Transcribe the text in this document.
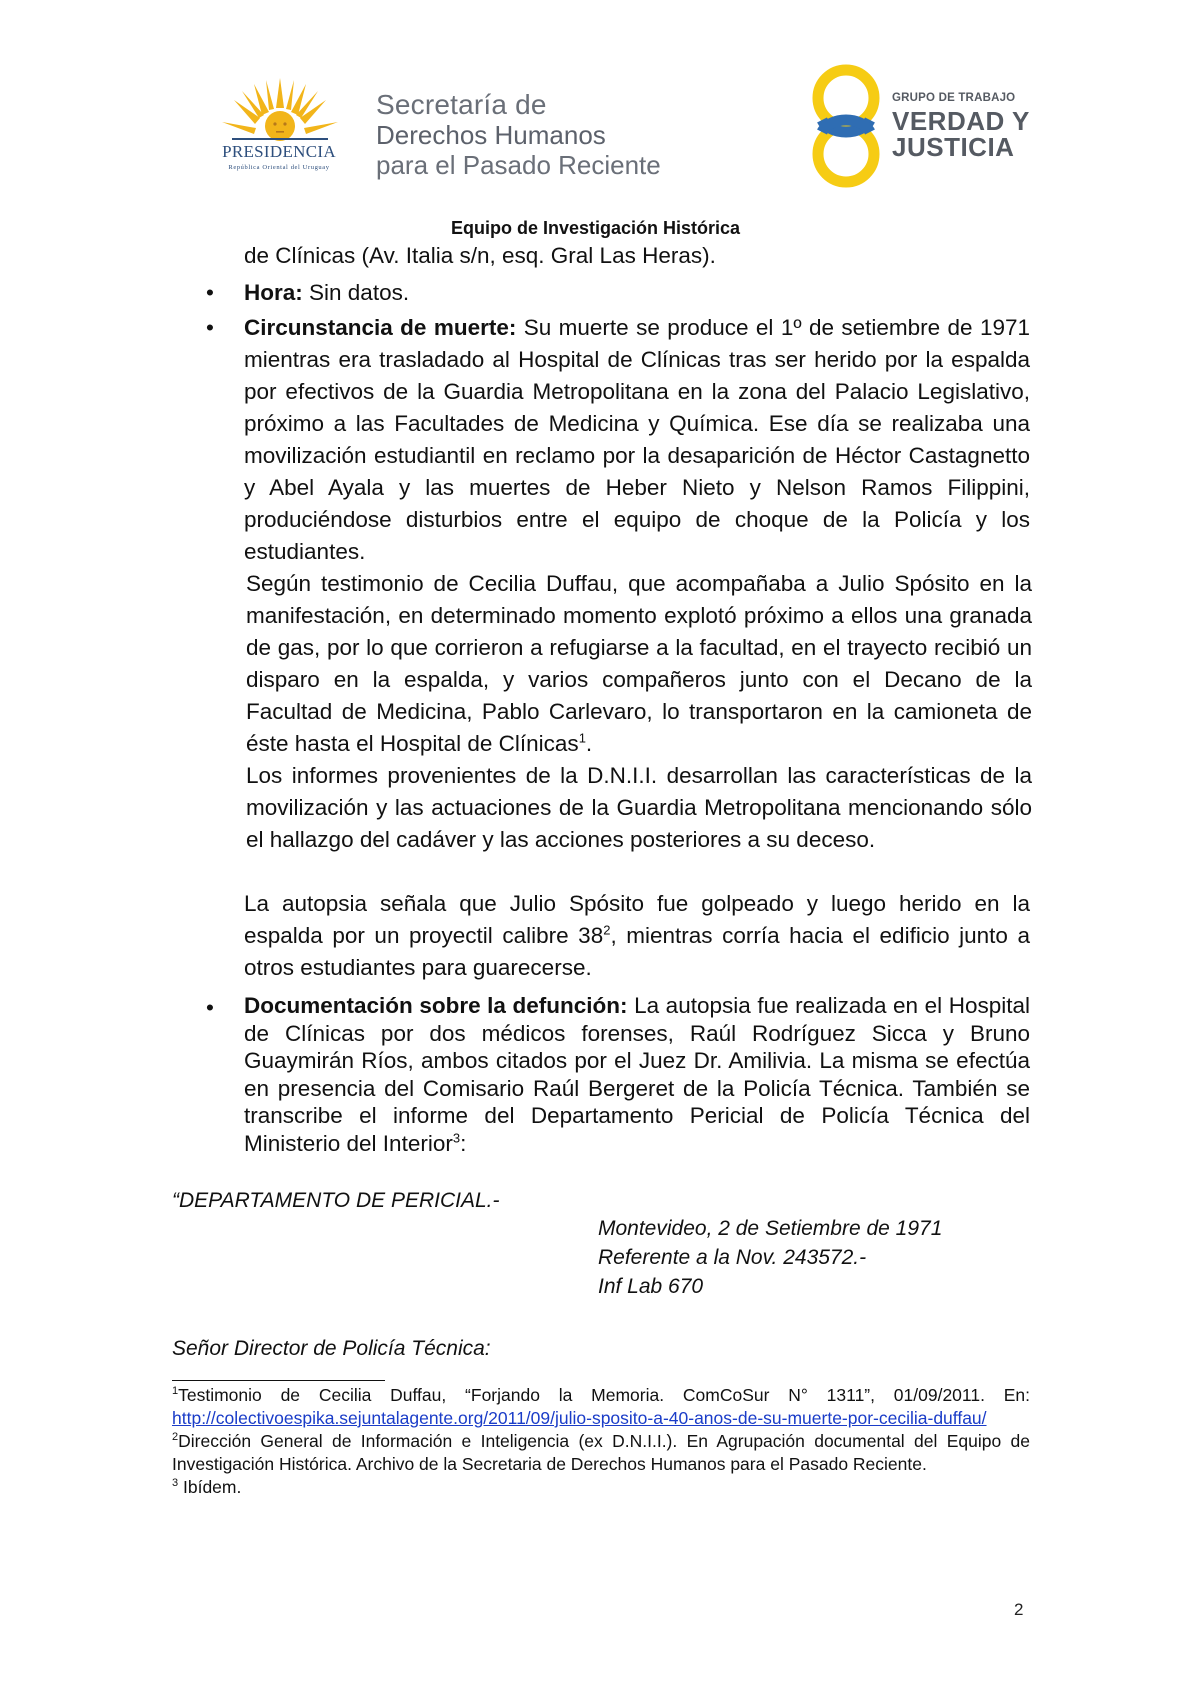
PRESIDENCIA
República Oriental del Uruguay
Secretaría de
Derechos Humanos
para el Pasado Reciente
GRUPO DE TRABAJO
VERDAD Y
JUSTICIA
Equipo de Investigación Histórica
de Clínicas (Av. Italia s/n, esq. Gral Las Heras).
• Hora: Sin datos.
• Circunstancia de muerte: Su muerte se produce el 1º de setiembre de 1971 mientras era trasladado al Hospital de Clínicas tras ser herido por la espalda por efectivos de la Guardia Metropolitana en la zona del Palacio Legislativo, próximo a las Facultades de Medicina y Química. Ese día se realizaba una movilización estudiantil en reclamo por la desaparición de Héctor Castagnetto y Abel Ayala y las muertes de Heber Nieto y Nelson Ramos Filippini, produciéndose disturbios entre el equipo de choque de la Policía y los estudiantes.
Según testimonio de Cecilia Duffau, que acompañaba a Julio Spósito en la manifestación, en determinado momento explotó próximo a ellos una granada de gas, por lo que corrieron a refugiarse a la facultad, en el trayecto recibió un disparo en la espalda, y varios compañeros junto con el Decano de la Facultad de Medicina, Pablo Carlevaro, lo transportaron en la camioneta de éste hasta el Hospital de Clínicas$^1$.
Los informes provenientes de la D.N.I.I. desarrollan las características de la movilización y las actuaciones de la Guardia Metropolitana mencionando sólo el hallazgo del cadáver y las acciones posteriores a su deceso.
La autopsia señala que Julio Spósito fue golpeado y luego herido en la espalda por un proyectil calibre $38^2$, mientras corría hacia el edificio junto a otros estudiantes para guarecerse.
• Documentación sobre la defunción: La autopsia fue realizada en el Hospital de Clínicas por dos médicos forenses, Raúl Rodríguez Sicca y Bruno Guaymirán Ríos, ambos citados por el Juez Dr. Amilivia. La misma se efectúa en presencia del Comisario Raúl Bergeret de la Policía Técnica. También se transcribe el informe del Departamento Pericial de Policía Técnica del Ministerio del Interior$^3$:
“DEPARTAMENTO DE PERICIAL.-
Montevideo, 2 de Setiembre de 1971
Referente a la Nov. 243572.-
Inf Lab 670
Señor Director de Policía Técnica:

$^1$Testimonio de Cecilia Duffau, “Forjando la Memoria. ComCoSur N° 1311”, 01/09/2011. En: http://colectivoespika.sejuntalagente.org/2011/09/julio-sposito-a-40-anos-de-su-muerte-por-cecilia-duffau/

$^2$Dirección General de Información e Inteligencia (ex D.N.I.I.). En Agrupación documental del Equipo de Investigación Histórica. Archivo de la Secretaria de Derechos Humanos para el Pasado Reciente.

$^3$ Ibídem.

2
